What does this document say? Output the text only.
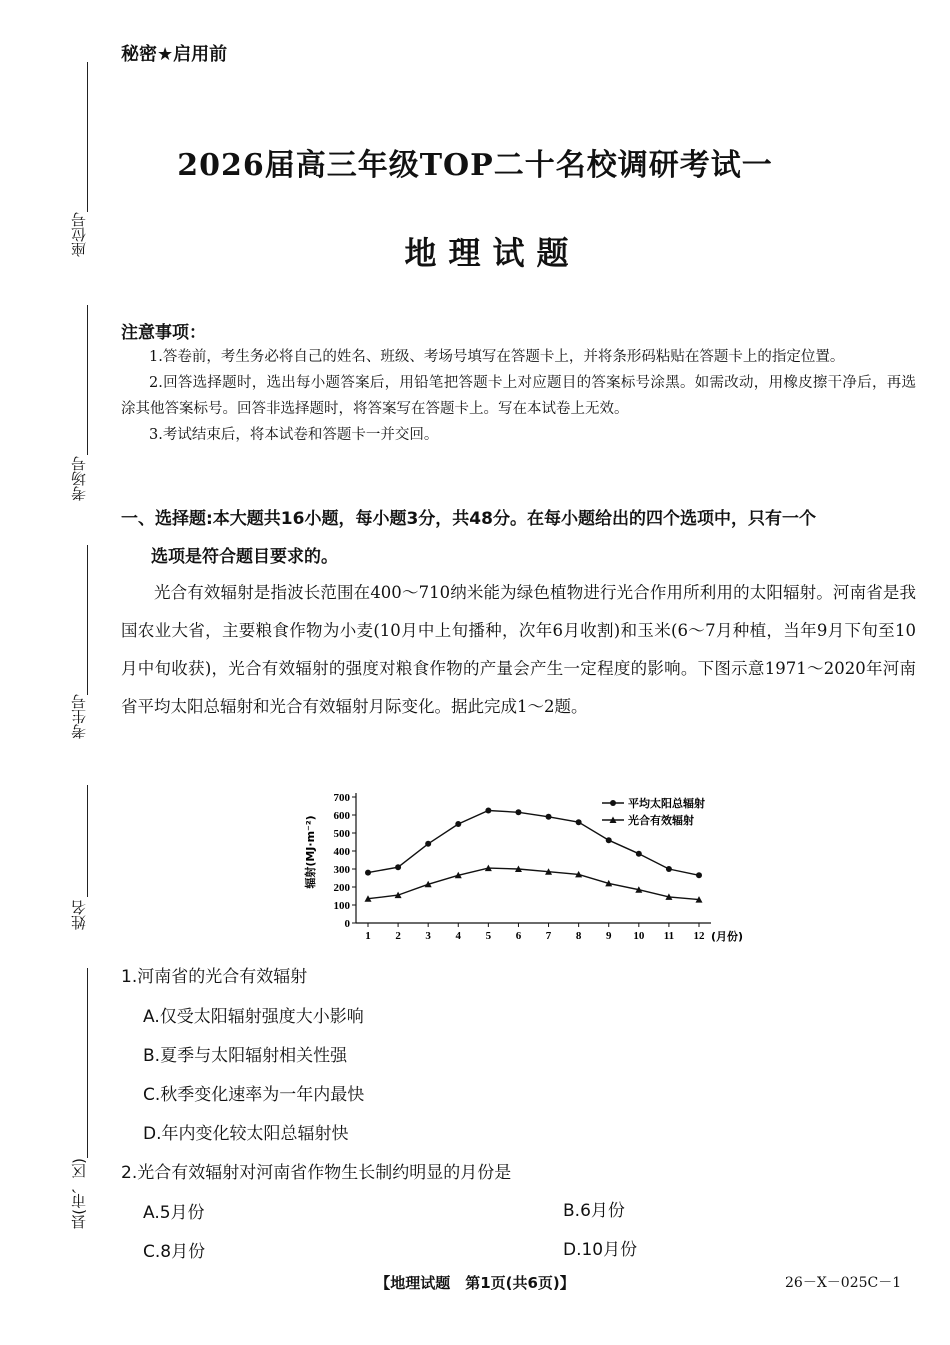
秘密★启用前
2026届高三年级TOP二十名校调研考试一
地理试题
座位号
考场号
考生号
姓名
县(市、区)
注意事项：

1.答卷前，考生务必将自己的姓名、班级、考场号填写在答题卡上，并将条形码粘贴在答题卡上的指定位置。

2.回答选择题时，选出每小题答案后，用铅笔把答题卡上对应题目的答案标号涂黑。如需改动，用橡皮擦干净后，再选涂其他答案标号。回答非选择题时，将答案写在答题卡上。写在本试卷上无效。

3.考试结束后，将本试卷和答题卡一并交回。

一、选择题:本大题共16小题，每小题3分，共48分。在每小题给出的四个选项中，只有一个
选项是符合题目要求的。

光合有效辐射是指波长范围在400～710纳米能为绿色植物进行光合作用所利用的太阳辐射。河南省是我国农业大省，主要粮食作物为小麦(10月中上旬播种，次年6月收割)和玉米(6～7月种植，当年9月下旬至10月中旬收获)，光合有效辐射的强度对粮食作物的产量会产生一定程度的影响。下图示意1971～2020年河南省平均太阳总辐射和光合有效辐射月际变化。据此完成1～2题。

0
100
200
300
400
500
600
700
1 2 3 4 5 6 7 8 9 10 11 12 (月份)
辐射(MJ·m⁻²)
平均太阳总辐射
光合有效辐射
1.河南省的光合有效辐射
A.仅受太阳辐射强度大小影响
B.夏季与太阳辐射相关性强
C.秋季变化速率为一年内最快
D.年内变化较太阳总辐射快
2.光合有效辐射对河南省作物生长制约明显的月份是
A.5月份	B.6月份
C.8月份	D.10月份
【地理试题　第1页(共6页)】	26－X－025C－1
